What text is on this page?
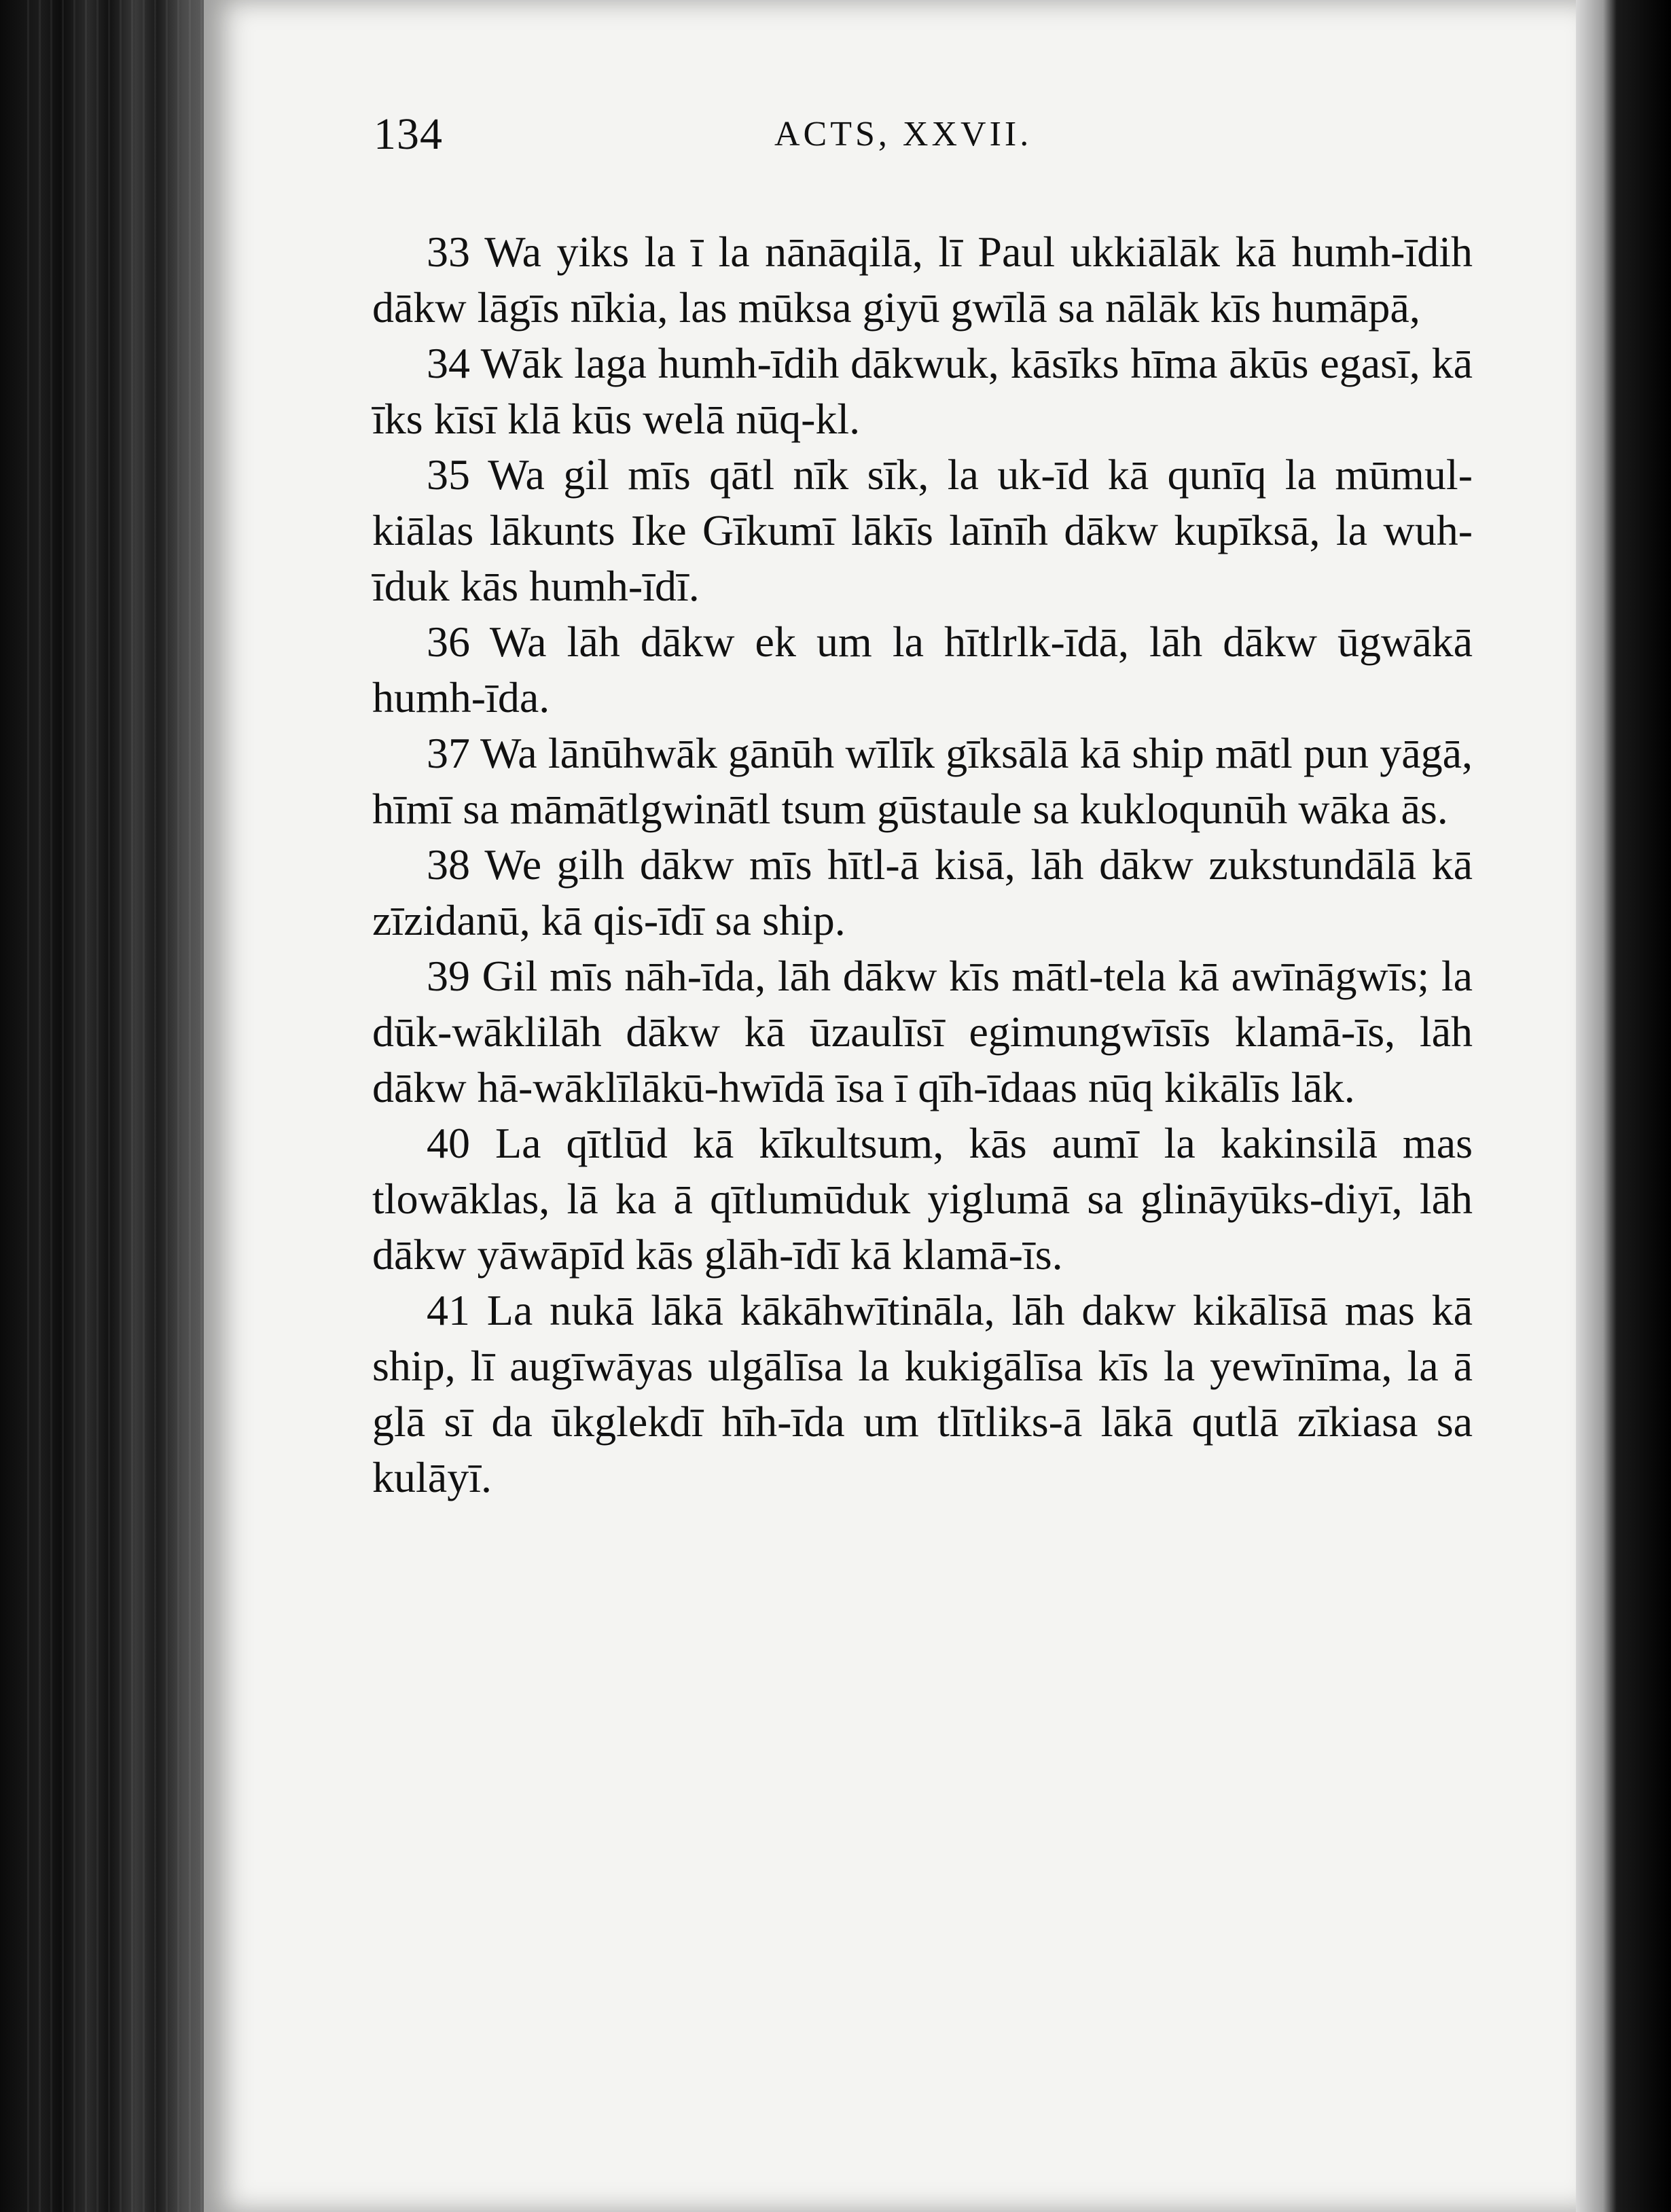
134	ACTS, XXVII.

33 Wa yiks la ī la nānāqilā, lī Paul ukkiālāk kā humh-īdih dākw lāgīs nīkia, las mūksa giyū gwīlā sa nālāk kīs humāpā,

34 Wāk laga humh-īdih dākwuk, kāsīks hīma ākūs egasī, kā īks kīsī klā kūs welā nūq-kl.

35 Wa gil mīs qātl nīk sīk, la uk-īd kā qunīq la mūmul-kiālas lākunts Ike Gīkumī lākīs laīnīh dākw kupīksā, la wuh-īduk kās humh-īdī.

36 Wa lāh dākw ek um la hītlrlk-īdā, lāh dākw ūgwākā humh-īda.

37 Wa lānūhwāk gānūh wīlīk gīksālā kā ship mātl pun yāgā, hīmī sa māmātlgwinātl tsum gūstaule sa kukloqunūh wāka ās.

38 We gilh dākw mīs hītl-ā kisā, lāh dākw zukstundālā kā zīzidanū, kā qis-īdī sa ship.

39 Gil mīs nāh-īda, lāh dākw kīs mātl-tela kā awīnāgwīs; la dūk-wāklilāh dākw kā ūzaulīsī egimungwīsīs klamā-īs, lāh dākw hā-wāklīlākū-hwīdā īsa ī qīh-īdaas nūq kikālīs lāk.

40 La qītlūd kā kīkultsum, kās aumī la kakinsilā mas tlowāklas, lā ka ā qītlumūduk yiglumā sa glināyūks-diyī, lāh dākw yāwāpīd kās glāh-īdī kā klamā-īs.

41 La nukā lākā kākāhwītināla, lāh dakw kikālīsā mas kā ship, lī augīwāyas ulgālīsa la kukigālīsa kīs la yewīnīma, la ā glā sī da ūkglekdī hīh-īda um tlītliks-ā lākā qutlā zīkiasa sa kulāyī.
